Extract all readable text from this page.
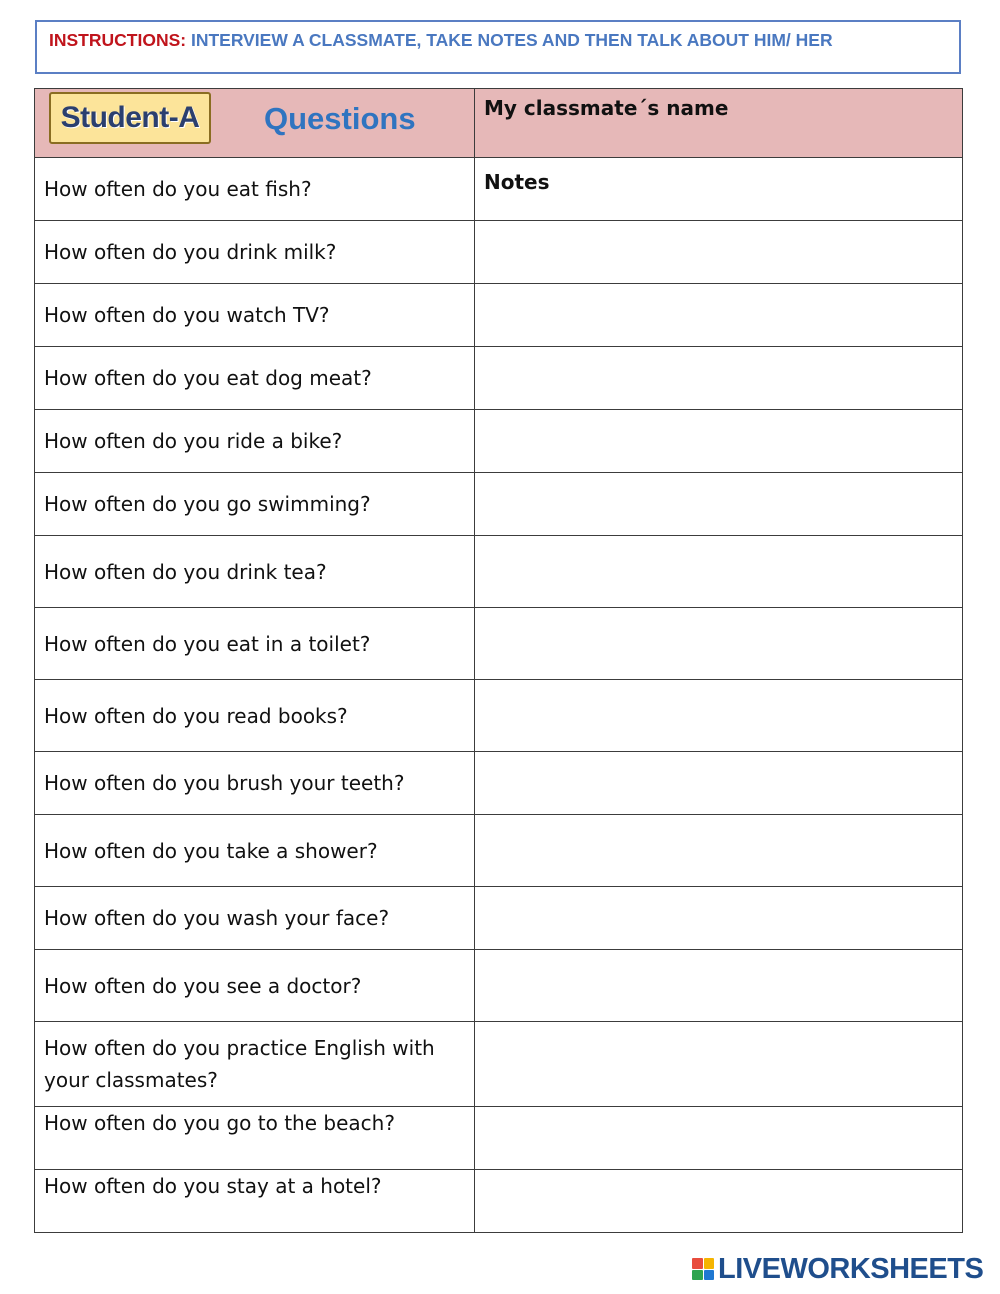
INSTRUCTIONS: INTERVIEW A CLASSMATE, TAKE NOTES AND THEN TALK ABOUT HIM/ HER
Student-A Questions	My classmate´s name
How often do you eat fish?	Notes
How often do you drink milk?	
How often do you watch TV?	
How often do you eat dog meat?	
How often do you ride a bike?	
How often do you go swimming?	
How often do you drink tea?	
How often do you eat in a toilet?	
How often do you read books?	
How often do you brush your teeth?	
How often do you take a shower?	
How often do you wash your face?	
How often do you see a doctor?	
How often do you practice English with your classmates?	
How often do you go to the beach?	
How often do you stay at a hotel?	
LIVEWORKSHEETS
